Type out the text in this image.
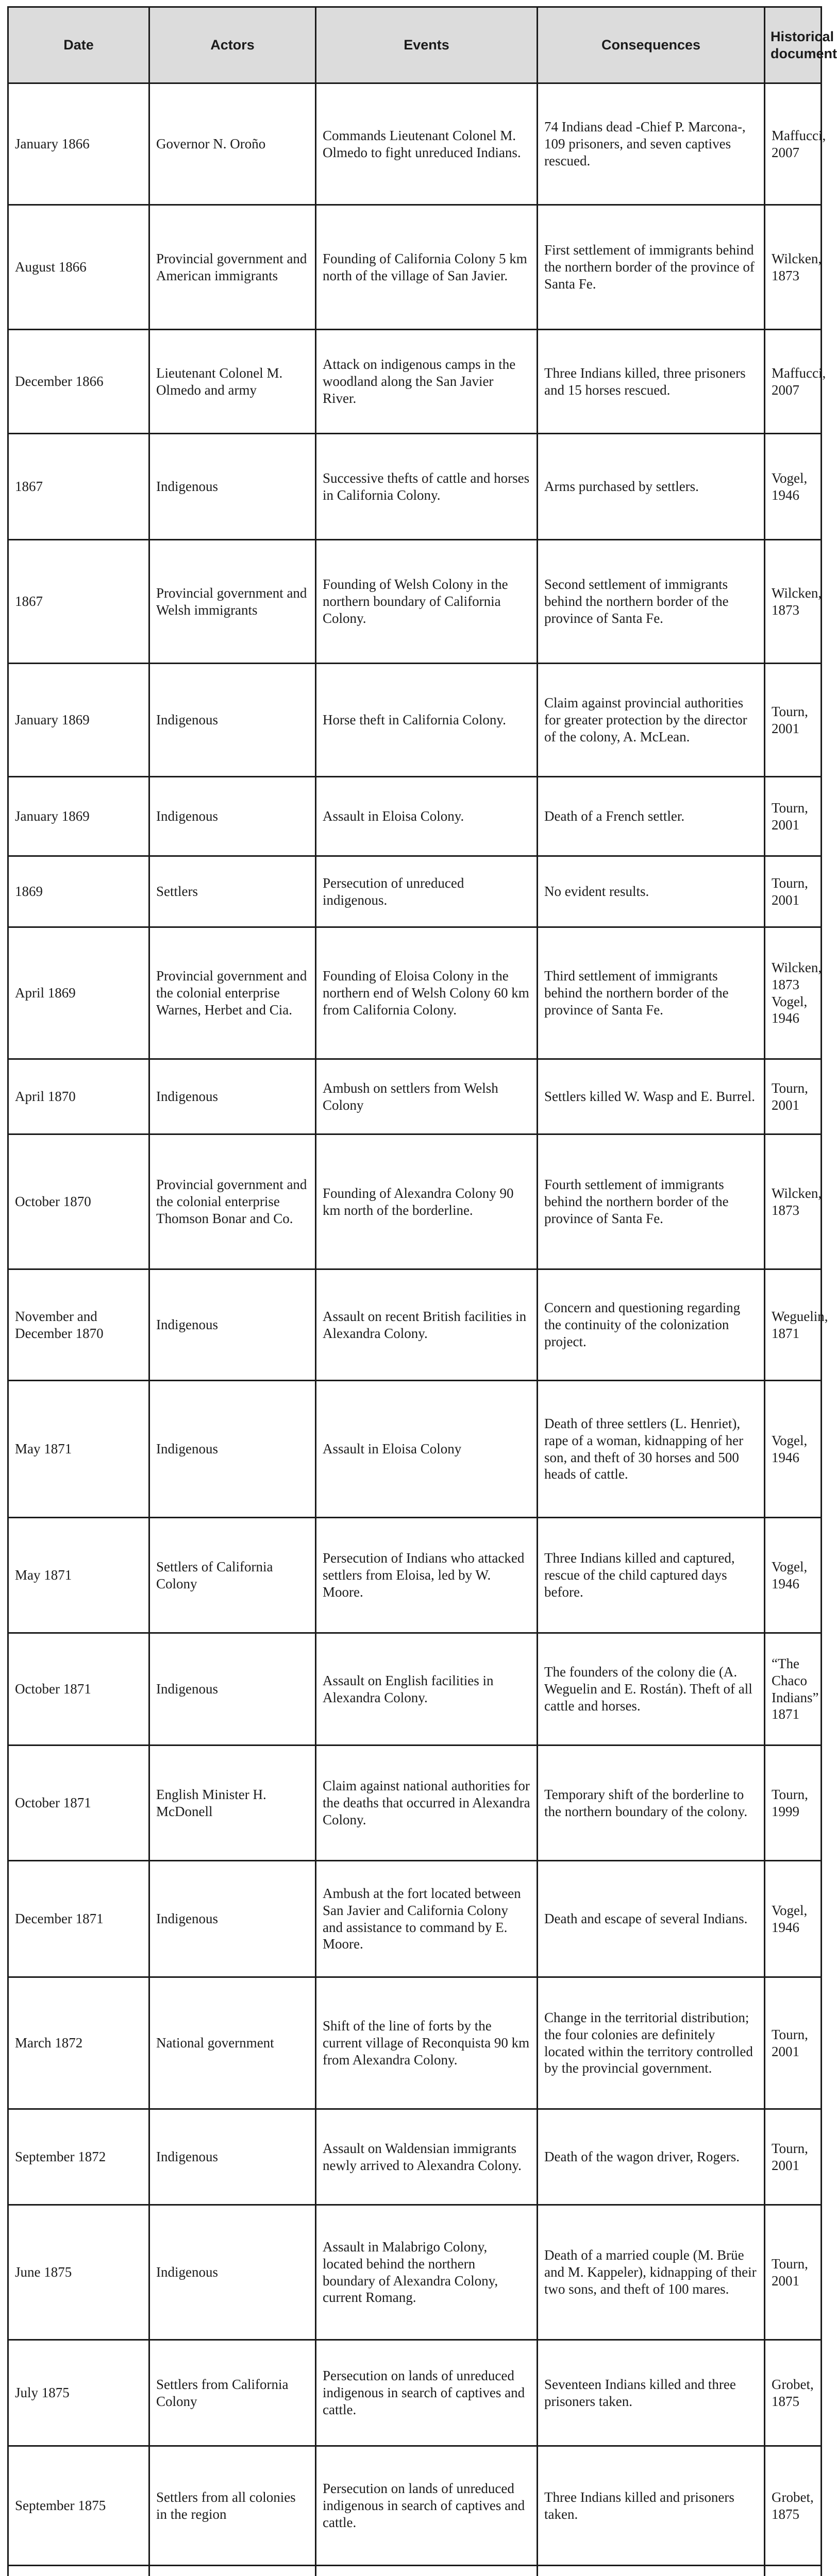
Date		Actors	Events	Consequences	Historical document
January 1866		Governor N. Oroño	Commands Lieutenant Colonel M. Olmedo to fight unreduced Indians.	74 Indians dead -Chief P. Marcona-, 109 prisoners, and seven captives rescued.	Maffucci, 2007
August 1866		Provincial government and American immigrants	Founding of California Colony 5 km north of the village of San Javier.	First settlement of immigrants behind the northern border of the province of Santa Fe.	Wilcken, 1873
December 1866		Lieutenant Colonel M. Olmedo and army	Attack on indigenous camps in the woodland along the San Javier River.	Three Indians killed, three prisoners and 15 horses rescued.	Maffucci, 2007
1867		Indigenous	Successive thefts of cattle and horses in California Colony.	Arms purchased by settlers.	Vogel, 1946
1867		Provincial government and Welsh immigrants	Founding of Welsh Colony in the northern boundary of California Colony.	Second settlement of immigrants behind the northern border of the province of Santa Fe.	Wilcken, 1873
January 1869		Indigenous	Horse theft in California Colony.	Claim against provincial authorities for greater protection by the director of the colony, A. McLean.	Tourn, 2001
January 1869		Indigenous	Assault in Eloisa Colony.	Death of a French settler.	Tourn, 2001
1869		Settlers	Persecution of unreduced indigenous.	No evident results.	Tourn, 2001
April 1869		Provincial government and the colonial enterprise Warnes, Herbet and Cia.	Founding of Eloisa Colony in the northern end of Welsh Colony 60 km from California Colony.	Third settlement of immigrants behind the northern border of the province of Santa Fe.	Wilcken, 1873 Vogel, 1946
April 1870		Indigenous	Ambush on settlers from Welsh Colony	Settlers killed W. Wasp and E. Burrel.	Tourn, 2001
October 1870		Provincial government and the colonial enterprise Thomson Bonar and Co.	Founding of Alexandra Colony 90 km north of the borderline.	Fourth settlement of immigrants behind the northern border of the province of Santa Fe.	Wilcken, 1873
November and December 1870		Indigenous	Assault on recent British facilities in Alexandra Colony.	Concern and questioning regarding the continuity of the colonization project.	Weguelin, 1871
May 1871		Indigenous	Assault in Eloisa Colony	Death of three settlers (L. Henriet), rape of a woman, kidnapping of her son, and theft of 30 horses and 500 heads of cattle.	Vogel, 1946
May 1871		Settlers of California Colony	Persecution of Indians who attacked settlers from Eloisa, led by W. Moore.	Three Indians killed and captured, rescue of the child captured days before.	Vogel, 1946
October 1871		Indigenous	Assault on English facilities in Alexandra Colony.	The founders of the colony die (A. Weguelin and E. Rostán). Theft of all cattle and horses.	“The Chaco Indians” 1871
October 1871		English Minister H. McDonell	Claim against national authorities for the deaths that occurred in Alexandra Colony.	Temporary shift of the borderline to the northern boundary of the colony.	Tourn, 1999
December 1871		Indigenous	Ambush at the fort located between San Javier and California Colony and assistance to command by E. Moore.	Death and escape of several Indians.	Vogel, 1946
March 1872		National government	Shift of the line of forts by the current village of Reconquista 90 km from Alexandra Colony.	Change in the territorial distribution; the four colonies are definitely located within the territory controlled by the provincial government.	Tourn, 2001
September 1872		Indigenous	Assault on Waldensian immigrants newly arrived to Alexandra Colony.	Death of the wagon driver, Rogers.	Tourn, 2001
June 1875		Indigenous	Assault in Malabrigo Colony, located behind the northern boundary of Alexandra Colony, current Romang.	Death of a married couple (M. Brüe and M. Kappeler), kidnapping of their two sons, and theft of 100 mares.	Tourn, 2001
July 1875		Settlers from California Colony	Persecution on lands of unreduced indigenous in search of captives and cattle.	Seventeen Indians killed and three prisoners taken.	Grobet, 1875
September 1875		Settlers from all colonies in the region	Persecution on lands of unreduced indigenous in search of captives and cattle.	Three Indians killed and prisoners taken.	Grobet, 1875
